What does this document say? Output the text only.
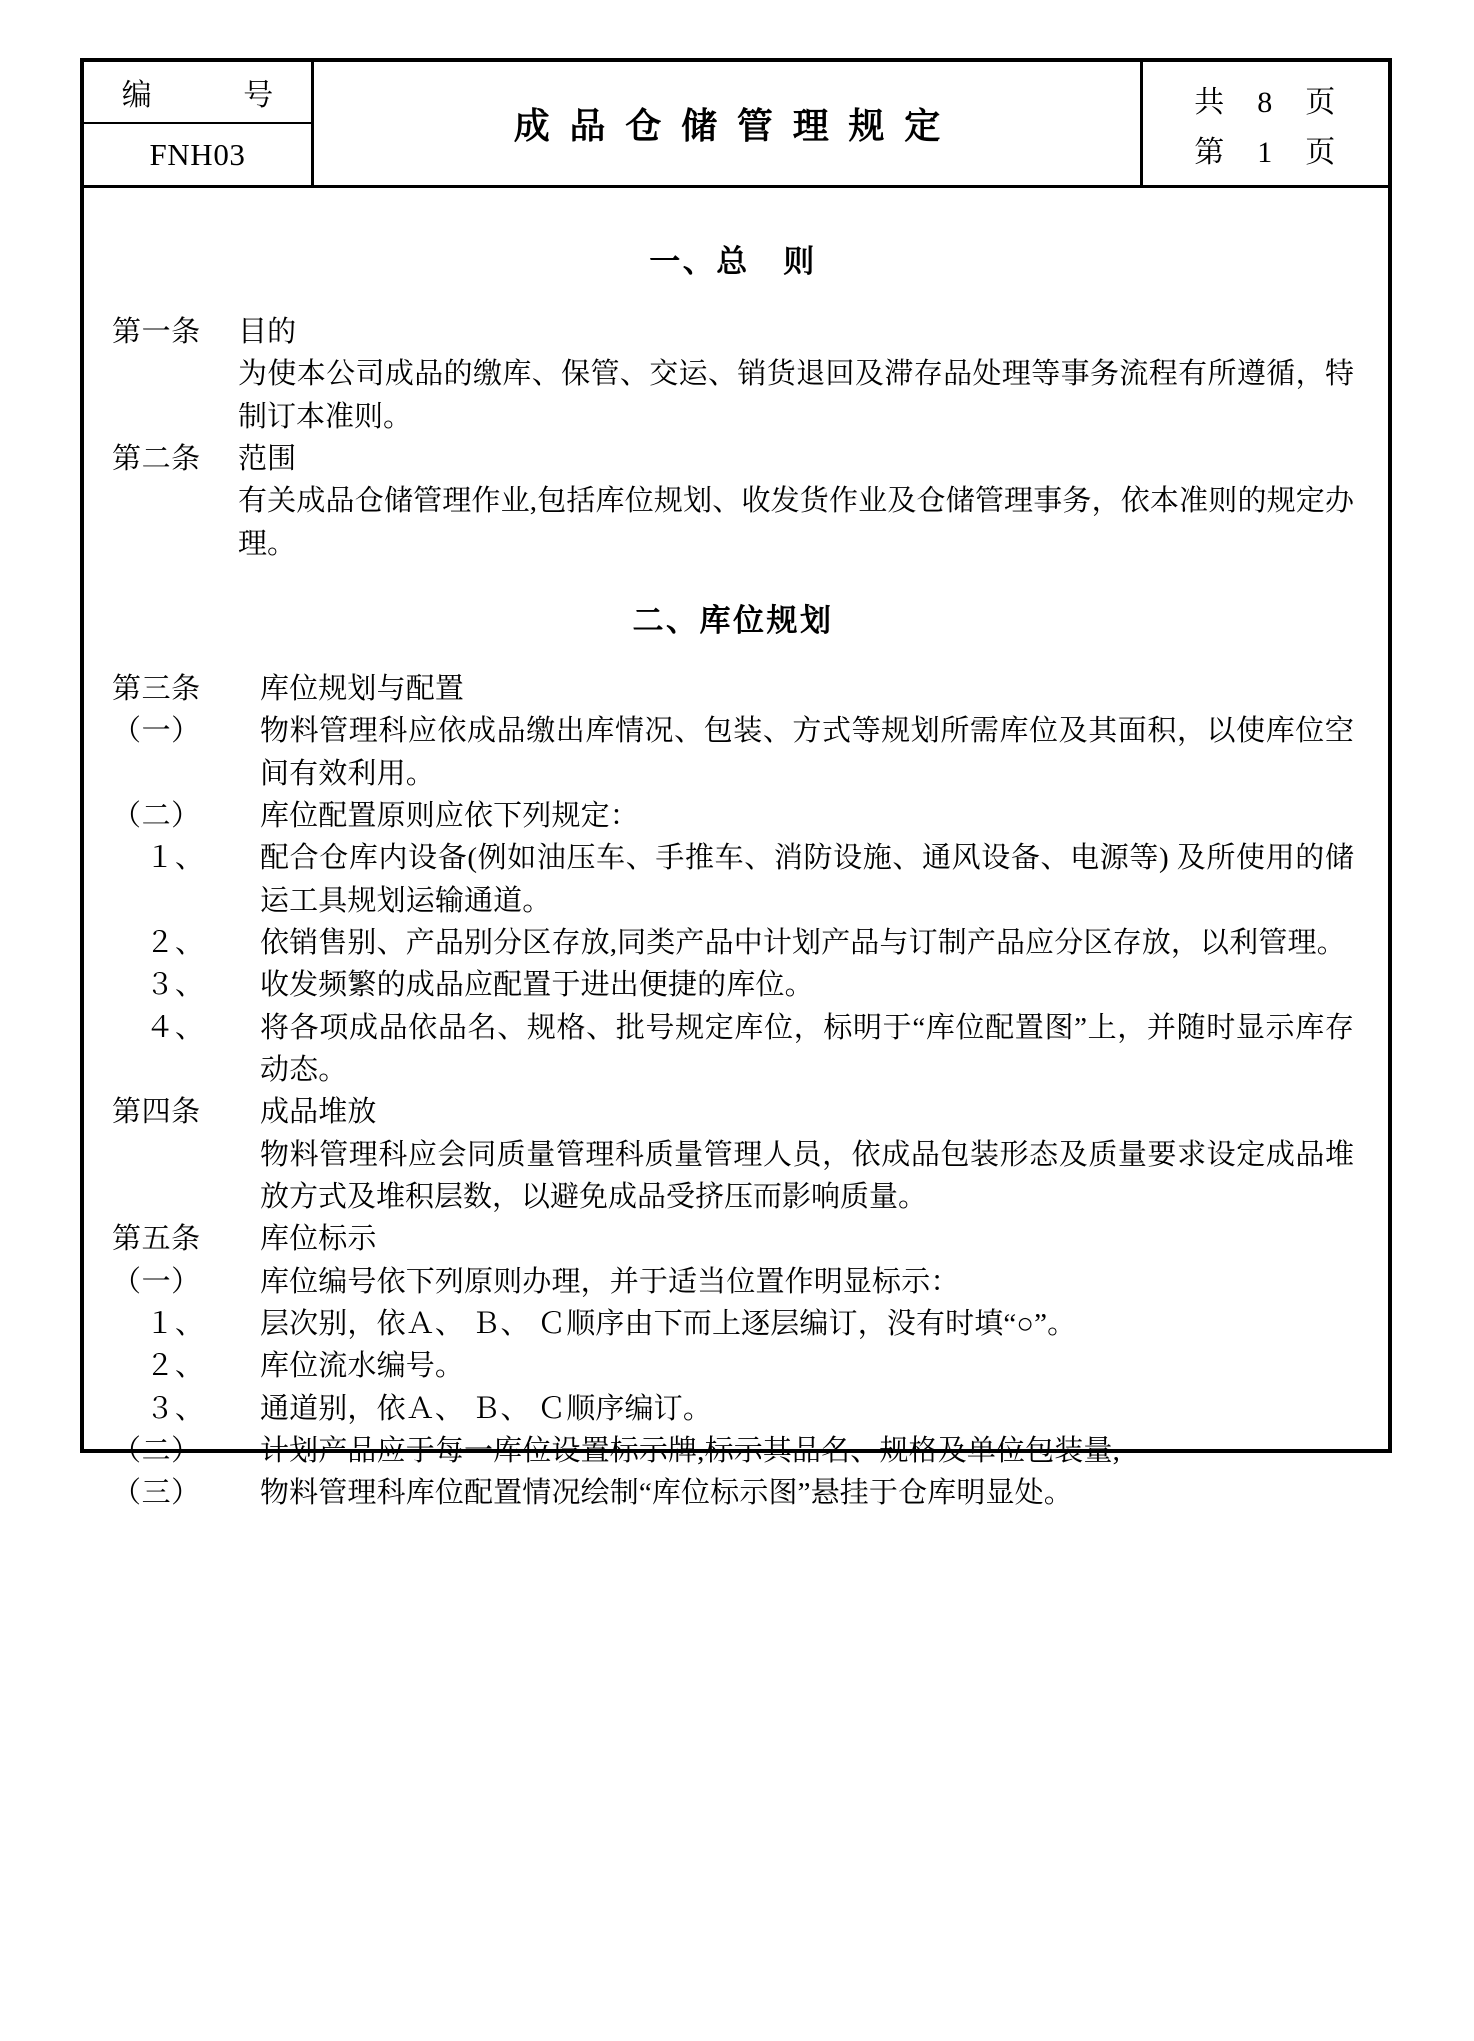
编　　号
FNH03
成品仓储管理规定
共　8　页
第　1　页
一、总　则
第一条	目的
为使本公司成品的缴库、保管、交运、销货退回及滞存品处理等事务流程有所遵循，特制订本准则。
第二条	范围
有关成品仓储管理作业,包括库位规划、收发货作业及仓储管理事务，依本准则的规定办理。
二、库位规划
第三条	库位规划与配置
（一）	物料管理科应依成品缴出库情况、包装、方式等规划所需库位及其面积，以使库位空间有效利用。
（二）	库位配置原则应依下列规定：
１、	配合仓库内设备(例如油压车、手推车、消防设施、通风设备、电源等) 及所使用的储运工具规划运输通道。
２、	依销售别、产品别分区存放,同类产品中计划产品与订制产品应分区存放，以利管理。
３、	收发频繁的成品应配置于进出便捷的库位。
４、	将各项成品依品名、规格、批号规定库位，标明于“库位配置图”上，并随时显示库存动态。
第四条	成品堆放
物料管理科应会同质量管理科质量管理人员，依成品包装形态及质量要求设定成品堆放方式及堆积层数，以避免成品受挤压而影响质量。
第五条	库位标示
（一）	库位编号依下列原则办理，并于适当位置作明显标示：
１、	层次别，依Ａ、 Ｂ、 Ｃ顺序由下而上逐层编订，没有时填“○”。
２、	库位流水编号。
３、	通道别，依Ａ、 Ｂ、 Ｃ顺序编订。
（二）	计划产品应于每一库位设置标示牌,标示其品名、规格及单位包装量,
（三）	物料管理科库位配置情况绘制“库位标示图”悬挂于仓库明显处。
